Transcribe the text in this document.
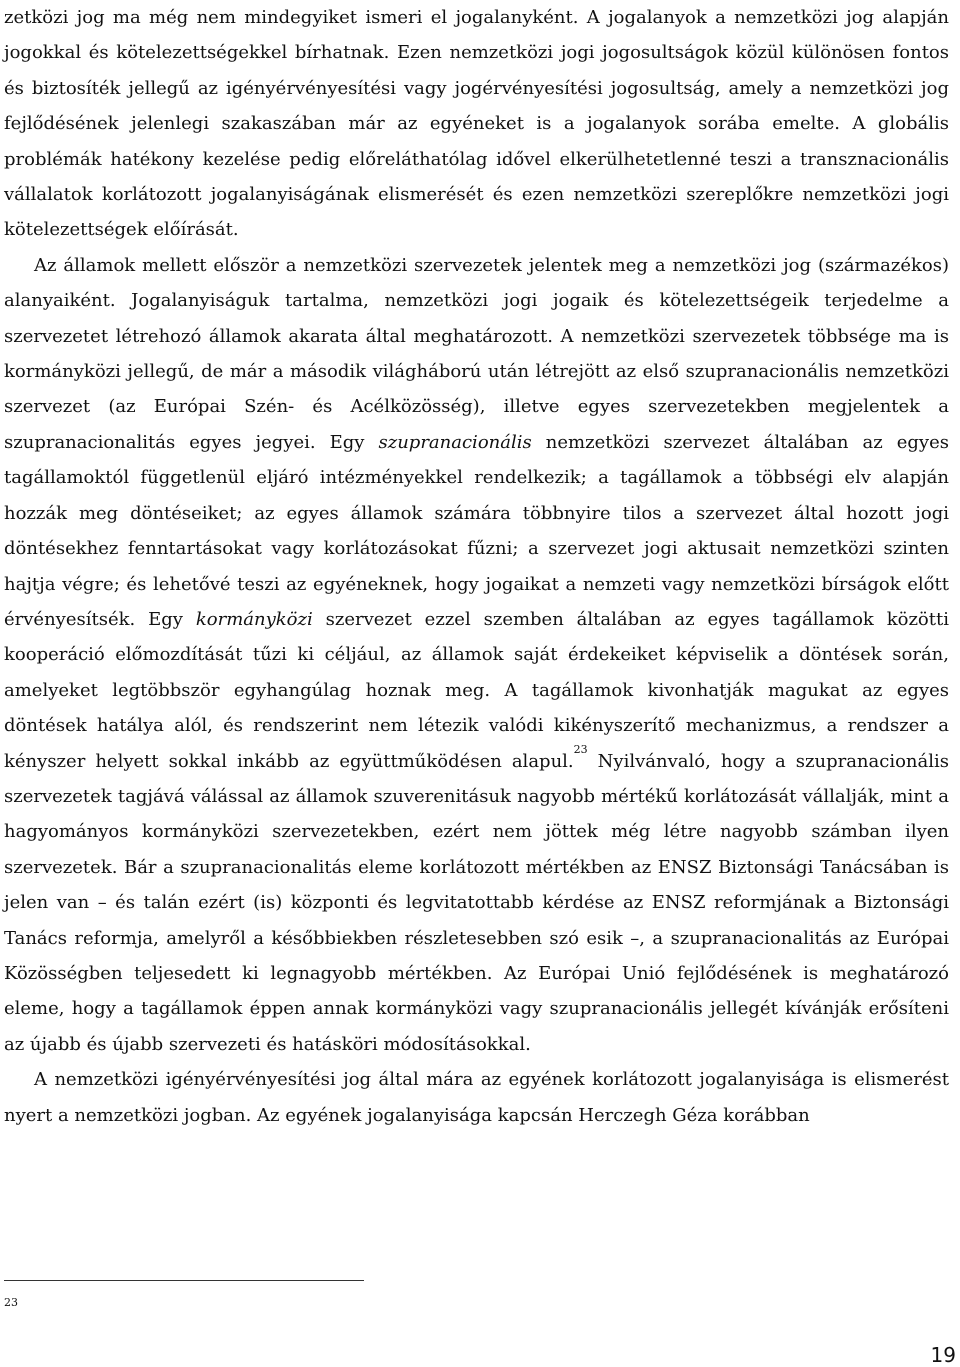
zetközi jog ma még nem mindegyiket ismeri el jogalanyként. A jogalanyok a nemzetközi jog alapján jogokkal és kötelezettségekkel bírhatnak. Ezen nemzetközi jogi jogosultságok közül különösen fontos és biztosíték jellegű az igényérvényesítési vagy jogérvényesítési jogosultság, amely a nemzetközi jog fejlődésének jelenlegi szakaszában már az egyéneket is a jogalanyok sorába emelte. A globális problémák hatékony kezelése pedig előreláthatólag idővel elkerülhetetlenné teszi a transznacionális vállalatok korlátozott jogalanyiságának elismerését és ezen nemzetközi szereplőkre nemzetközi jogi kötelezettségek előírását.

Az államok mellett először a nemzetközi szervezetek jelentek meg a nemzetközi jog (származékos) alanyaiként. Jogalanyiságuk tartalma, nemzetközi jogi jogaik és kötelezettségeik terjedelme a szervezetet létrehozó államok akarata által meghatározott. A nemzetközi szervezetek többsége ma is kormányközi jellegű, de már a második világháború után létrejött az első szupranacionális nemzetközi szervezet (az Európai Szén- és Acélközösség), illetve egyes szervezetekben megjelentek a szupranacionalitás egyes jegyei. Egy szupranacionális nemzetközi szervezet általában az egyes tagállamoktól függetlenül eljáró intézményekkel rendelkezik; a tagállamok a többségi elv alapján hozzák meg döntéseiket; az egyes államok számára többnyire tilos a szervezet által hozott jogi döntésekhez fenntartásokat vagy korlátozásokat fűzni; a szervezet jogi aktusait nemzetközi szinten hajtja végre; és lehetővé teszi az egyéneknek, hogy jogaikat a nemzeti vagy nemzetközi bírságok előtt érvényesítsék. Egy kormányközi szervezet ezzel szemben általában az egyes tagállamok közötti kooperáció előmozdítását tűzi ki céljául, az államok saját érdekeiket képviselik a döntések során, amelyeket legtöbbször egyhangúlag hoznak meg. A tagállamok kivonhatják magukat az egyes döntések hatálya alól, és rendszerint nem létezik valódi kikényszerítő mechanizmus, a rendszer a kényszer helyett sokkal inkább az együttműködésen alapul.$^{23}$ Nyilvánvaló, hogy a szupranacionális szervezetek tagjává válással az államok szuverenitásuk nagyobb mértékű korlátozását vállalják, mint a hagyományos kormányközi szervezetekben, ezért nem jöttek még létre nagyobb számban ilyen szervezetek. Bár a szupranacionalitás eleme korlátozott mértékben az ENSZ Biztonsági Tanácsában is jelen van – és talán ezért (is) központi és legvitatottabb kérdése az ENSZ reformjának a Biztonsági Tanács reformja, amelyről a későbbiekben részletesebben szó esik –, a szupranacionalitás az Európai Közösségben teljesedett ki legnagyobb mértékben. Az Európai Unió fejlődésének is meghatározó eleme, hogy a tagállamok éppen annak kormányközi vagy szupranacionális jellegét kívánják erősíteni az újabb és újabb szervezeti és hatásköri módosításokkal.

A nemzetközi igényérvényesítési jog által mára az egyének korlátozott jogalanyisága is elismerést nyert a nemzetközi jogban. Az egyének jogalanyisága kapcsán Herczegh Géza korábban

23
19
